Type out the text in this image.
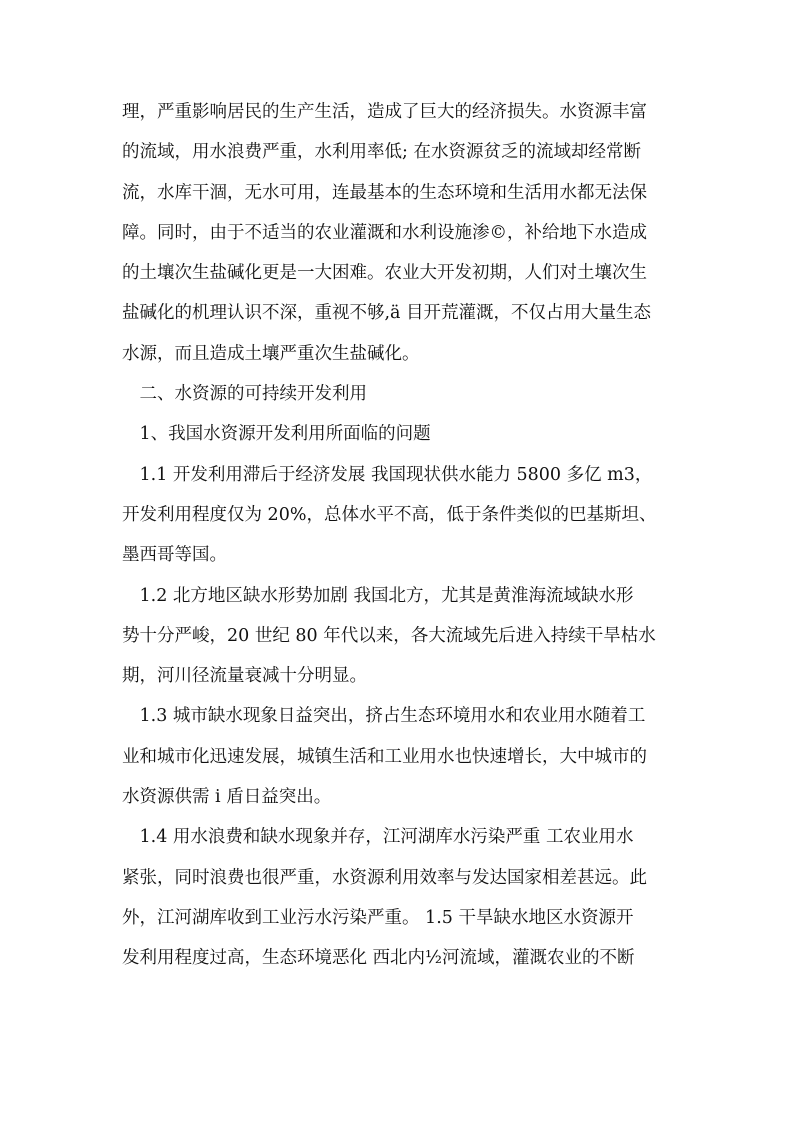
理，严重影响居民的生产生活，造成了巨大的经济损失。水资源丰富
的流域，用水浪费严重，水利用率低; 在水资源贫乏的流域却经常断
流，水库干涸，无水可用，连最基本的生态环境和生活用水都无法保
障。同时，由于不适当的农业灌溉和水利设施渗©，补给地下水造成
的土壤次生盐碱化更是一大困难。农业大开发初期，人们对土壤次生
盐碱化的机理认识不深，重视不够,ä 目开荒灌溉，不仅占用大量生态
水源，而且造成土壤严重次生盐碱化。
　二、水资源的可持续开发利用
　1、我国水资源开发利用所面临的问题
　1.1 开发利用滞后于经济发展 我国现状供水能力 5800 多亿 m3，
开发利用程度仅为 20%，总体水平不高，低于条件类似的巴基斯坦、
墨西哥等国。
　1.2 北方地区缺水形势加剧 我国北方，尤其是黄淮海流域缺水形
势十分严峻，20 世纪 80 年代以来，各大流域先后进入持续干旱枯水
期，河川径流量衰减十分明显。
　1.3 城市缺水现象日益突出，挤占生态环境用水和农业用水随着工
业和城市化迅速发展，城镇生活和工业用水也快速增长，大中城市的
水资源供需 i 盾日益突出。
　1.4 用水浪费和缺水现象并存，江河湖库水污染严重 工农业用水
紧张，同时浪费也很严重，水资源利用效率与发达国家相差甚远。此
外，江河湖库收到工业污水污染严重。 1.5 干旱缺水地区水资源开
发利用程度过高，生态环境恶化 西北内½河流域，灌溉农业的不断
